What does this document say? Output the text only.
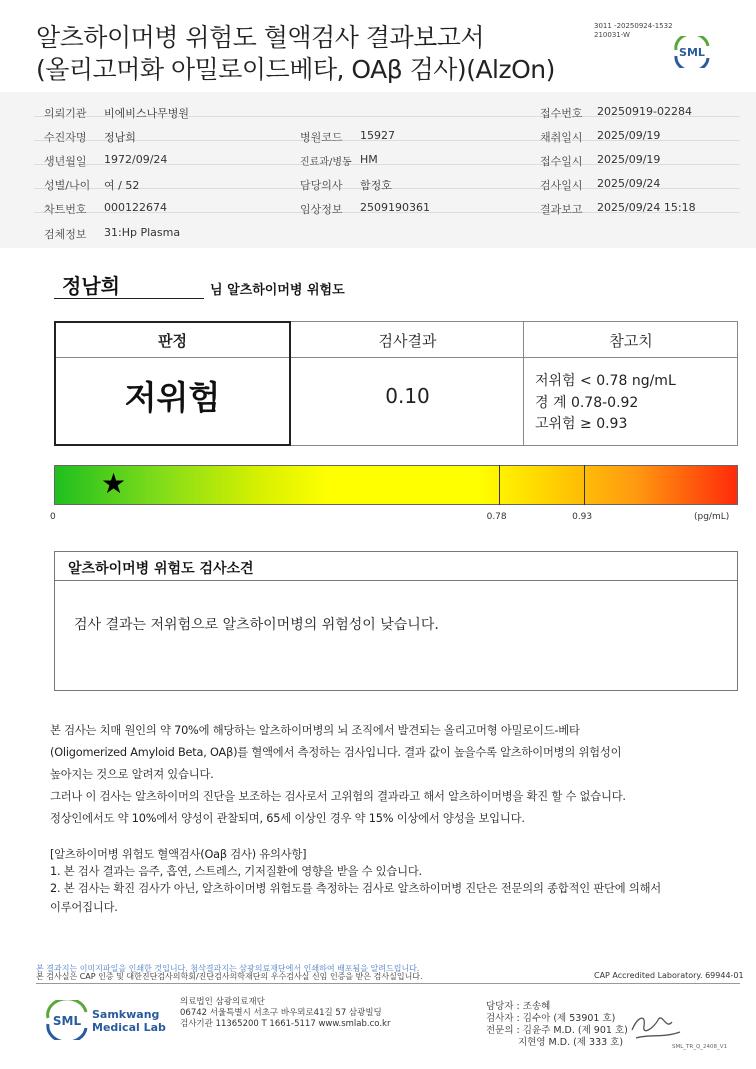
알츠하이머병 위험도 혈액검사 결과보고서
(올리고머화 아밀로이드베타, OAβ 검사)(AlzOn)
3011 -20250924-1532
210031-W
SML
의뢰기관 비에비스나무병원	접수번호 20250919-02284
수진자명 정남희	병원코드 15927	채취일시 2025/09/19
생년월일 1972/09/24	진료과/병동 HM	접수일시 2025/09/19
성별/나이 여 / 52	담당의사 함정호	검사일시 2025/09/24
차트번호 000122674	임상정보 2509190361	결과보고 2025/09/24 15:18
검체정보 31:Hp Plasma
정남희	님 알츠하이머병 위험도
판정	검사결과	참고치
저위험	0.10
저위험 < 0.78 ng/mL
경 계 0.78-0.92
고위험 ≥ 0.93
★
0	0.78	0.93	(pg/mL)
알츠하이머병 위험도 검사소견
검사 결과는 저위험으로 알츠하이머병의 위험성이 낮습니다.
본 검사는 치매 원인의 약 70%에 해당하는 알츠하이머병의 뇌 조직에서 발견되는 올리고머형 아밀로이드-베타
(Oligomerized Amyloid Beta, OAβ)를 혈액에서 측정하는 검사입니다. 결과 값이 높을수록 알츠하이머병의 위험성이
높아지는 것으로 알려져 있습니다.
그러나 이 검사는 알츠하이머의 진단을 보조하는 검사로서 고위험의 결과라고 해서 알츠하이머병을 확진 할 수 없습니다.
정상인에서도 약 10%에서 양성이 관찰되며, 65세 이상인 경우 약 15% 이상에서 양성을 보입니다.
[알츠하이머병 위험도 혈액검사(Oaβ 검사) 유의사항]
1. 본 검사 결과는 음주, 흡연, 스트레스, 기저질환에 영향을 받을 수 있습니다.
2. 본 검사는 확진 검사가 아닌, 알츠하이머병 위험도를 측정하는 검사로 알츠하이머병 진단은 전문의의 종합적인 판단에 의해서
이루어집니다.
본 결과지는 이미지파일을 인쇄한 것입니다. 첨삭결과지는 삼광의료재단에서 인쇄하여 배포됨을 알려드립니다.
본 검사실은 CAP 인증 및 대한진단검사의학회/진단검사의학재단의 우수검사실 신임 인증을 받은 검사실입니다.	CAP Accredited Laboratory. 69944-01
SML Samkwang
Medical Lab
의료법인 삼광의료재단
06742 서울특별시 서초구 바우뫼로41길 57 삼광빌딩
검사기관 11365200 T 1661-5117 www.smlab.co.kr
담당자 : 조송혜
검사자 : 김수아 (제 53901 호)
전문의 : 김윤주 M.D. (제 901 호)
지현영 M.D. (제 333 호)	SML_TR_Q_2408_V1
